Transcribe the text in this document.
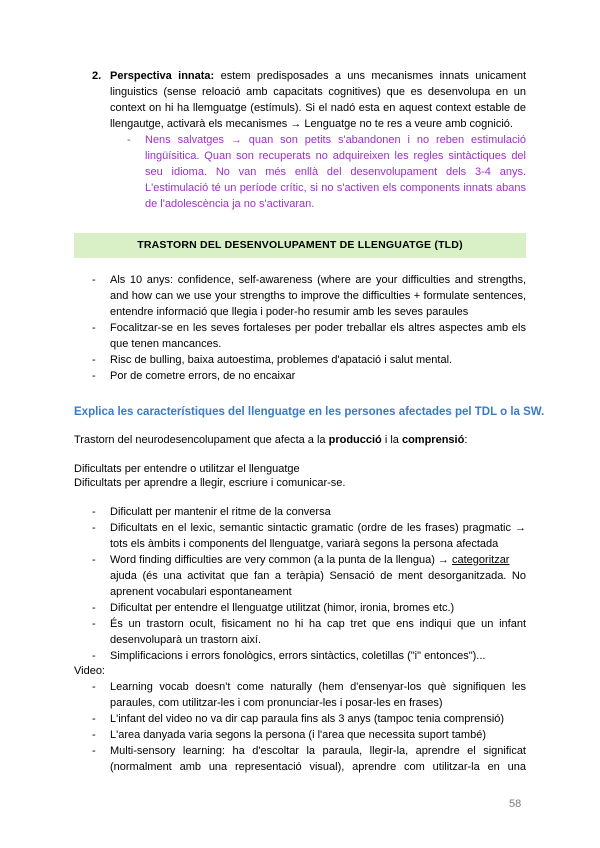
2. Perspectiva innata: estem predisposades a uns mecanismes innats unicament
linguistics (sense reloació amb capacitats cognitives) que es desenvolupa en un
context on hi ha llemguatge (estímuls). Si el nadó esta en aquest context estable de
llengautge, activarà els mecanismes → Lenguatge no te res a veure amb cognició.
-	Nens salvatges → quan son petits s'abandonen i no reben estimulació
lingüísitica. Quan son recuperats no adquireixen les regles sintàctiques del
seu idioma. No van més enllà del desenvolupament dels 3-4 anys.
L'estimulació té un període crític, si no s'activen els components innats abans
de l'adolescència ja no s'activaran.
TRASTORN DEL DESENVOLUPAMENT DE LLENGUATGE (TLD)
-	Als 10 anys: confidence, self-awareness (where are your difficulties and strengths,
and how can we use your strengths to improve the difficulties + formulate sentences,
entendre informació que llegia i poder-ho resumir amb les seves paraules
-	Focalitzar-se en les seves fortaleses per poder treballar els altres aspectes amb els
que tenen mancances.
-	Risc de bulling, baixa autoestima, problemes d'apatació i salut mental.
-	Por de cometre errors, de no encaixar
Explica les característiques del llenguatge en les persones afectades pel TDL o la SW.
Trastorn del neurodesencolupament que afecta a la producció i la comprensió:
Dificultats per entendre o utilitzar el llenguatge
Dificultats per aprendre a llegir, escriure i comunicar-se.
-	Dificulatt per mantenir el ritme de la conversa
-	Dificultats en el lexic, semantic sintactic gramatic (ordre de les frases) pragmatic →
tots els àmbits i components del llenguatge, variarà segons la persona afectada
-	Word finding difficulties are very common (a la punta de la llengua) → categoritzar
ajuda (és una activitat que fan a teràpia) Sensació de ment desorganitzada. No
aprenent vocabulari espontaneament
-	Dificultat per entendre el llenguatge utilitzat (himor, ironia, bromes etc.)
-	És un trastorn ocult, fisicament no hi ha cap tret que ens indiqui que un infant
desenvoluparà un trastorn així.
-	Simplificacions i errors fonològics, errors sintàctics, coletillas ("i" entonces")...
Video:
-	Learning vocab doesn't come naturally (hem d'ensenyar-los què signifiquen les
paraules, com utilitzar-les i com pronunciar-les i posar-les en frases)
-	L'infant del video no va dir cap paraula fins als 3 anys (tampoc tenia comprensió)
-	L'area danyada varia segons la persona (i l'area que necessita suport també)
-	Multi-sensory learning: ha d'escoltar la paraula, llegir-la, aprendre el significat
(normalment amb una representació visual), aprendre com utilitzar-la en una
58
